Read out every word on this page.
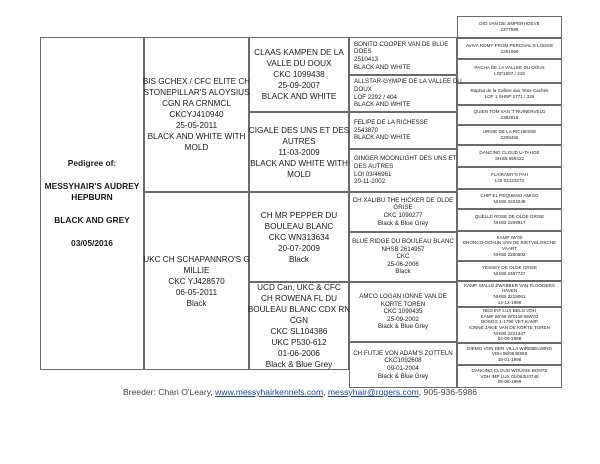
Pedigree of:
MESSYHAIR'S AUDREY
HEPBURN
BLACK AND GREY
03/05/2016
BIS GCHEX / CFC ELITE CH
STONEPILLAR'S ALOYSIUS
CGN RA CRNMCL
CKCYJ410940
25-05-2011
BLACK AND WHITE WITH
MOLD
UKC CH SCHAPANNRO'S G
MILLIE
CKC YJ428570
06-05-2011
Black
CLAAS KAMPEN DE LA
VALLE DU DOUX
CKC 1099438
25-09-2007
BLACK AND WHITE
CIGALE DES UNS ET DES
AUTRES
11-03-2009
BLACK AND WHITE WITH
MOLD
CH MR PEPPER DU
BOULEAU BLANC
CKC WN313634
20-07-2009
Black
UCD Can, UKC & CFC
CH ROWENA FL DU
BOULEAU BLANC CDX RN
CGN
CKC SL104386
UKC P530-612
01-06-2006
Black & Blue Grey
BONITO COOPER VAN DE BLUE
DOES
2510413
BLACK AND WHITE
ALLSTAR-GYMPIE DE LA VALLEE DU
DOUX
LOF 2292 / 404
BLACK AND WHITE
FELIPE DE LA RICHESSE
2543870
BLACK AND WHITE
GINGER MOONLIGHT DES UNS ET
DES AUTRES
LOI 03/46961
20-11-2002
CH XALIBU THE HICKER DE OLDE
GRISE
CKC 1090277
Black & Blue Grey
BLUE RIDGE DU BOULEAU BLANC
NHSB 2614957
CKC
25-06-2006
Black
AMCO LOGAN IONNE VAN DE
KORTE TOREN
CKC 1090435
25-09-2002
Black & Blue Grey
CH FUTJE VON ADAM'S ZOTTELN
CKC1092608
09-01-2004
Black & Blue Grey
DIO VAN DE JIMPERHOEVE
2377589
AVIVA ROMY FROM PERCIVAL'S LODGE
2261066
PACHA DE LA VALLEE DU DOUX
LOF1587 / 218
Raphia de la Colline aux Yeux Cachés
LOF 1 SHNP 1771 / 326
QUIEN TOM VAN 'T RUINERVELD
2382918
URGIE DE LA RICHESSE
2206455
DANCING CLOUD U-TAHOE
SHSB 559422
FLAIRAMY'S FAH
LOI 02122273
CHIP EL PEQUENO AMIGO
NHSB 2224249
QUELLE ROSE DE OLDE GRISE
NHSB 2208917
KAMP IW'00
BRONCO OCHUN VAN DE RIETVELOSCHE
VAART
NHSB 2260602
YESSEY DE OLDE GRISE
NHSB 2487727
KAMP. MALLE ZWABBER VAN FLOODERS
HAVEN
NHSB 2219061
14-12-1998
NED INT LUX BELG VDH
KAMP IW'99 W'01W-WW'02
BOSGG 1-1790 VET KAMP
IONNE JAKIE VAN DE KORTE TOREN
NHSB 2221347
04-09-1998
DIEMO VON DER VILLA WIREBELWIND
VDH 98/0636859
18-01-1998
DANCING CLOUD WOUGIE BONTE
VDH IMP LUX 01/063U0748
05-08-1999
Breeder: Chari O'Leary, www.messyhairkennels.com, messyhair@rogers.com, 905-936-5986
